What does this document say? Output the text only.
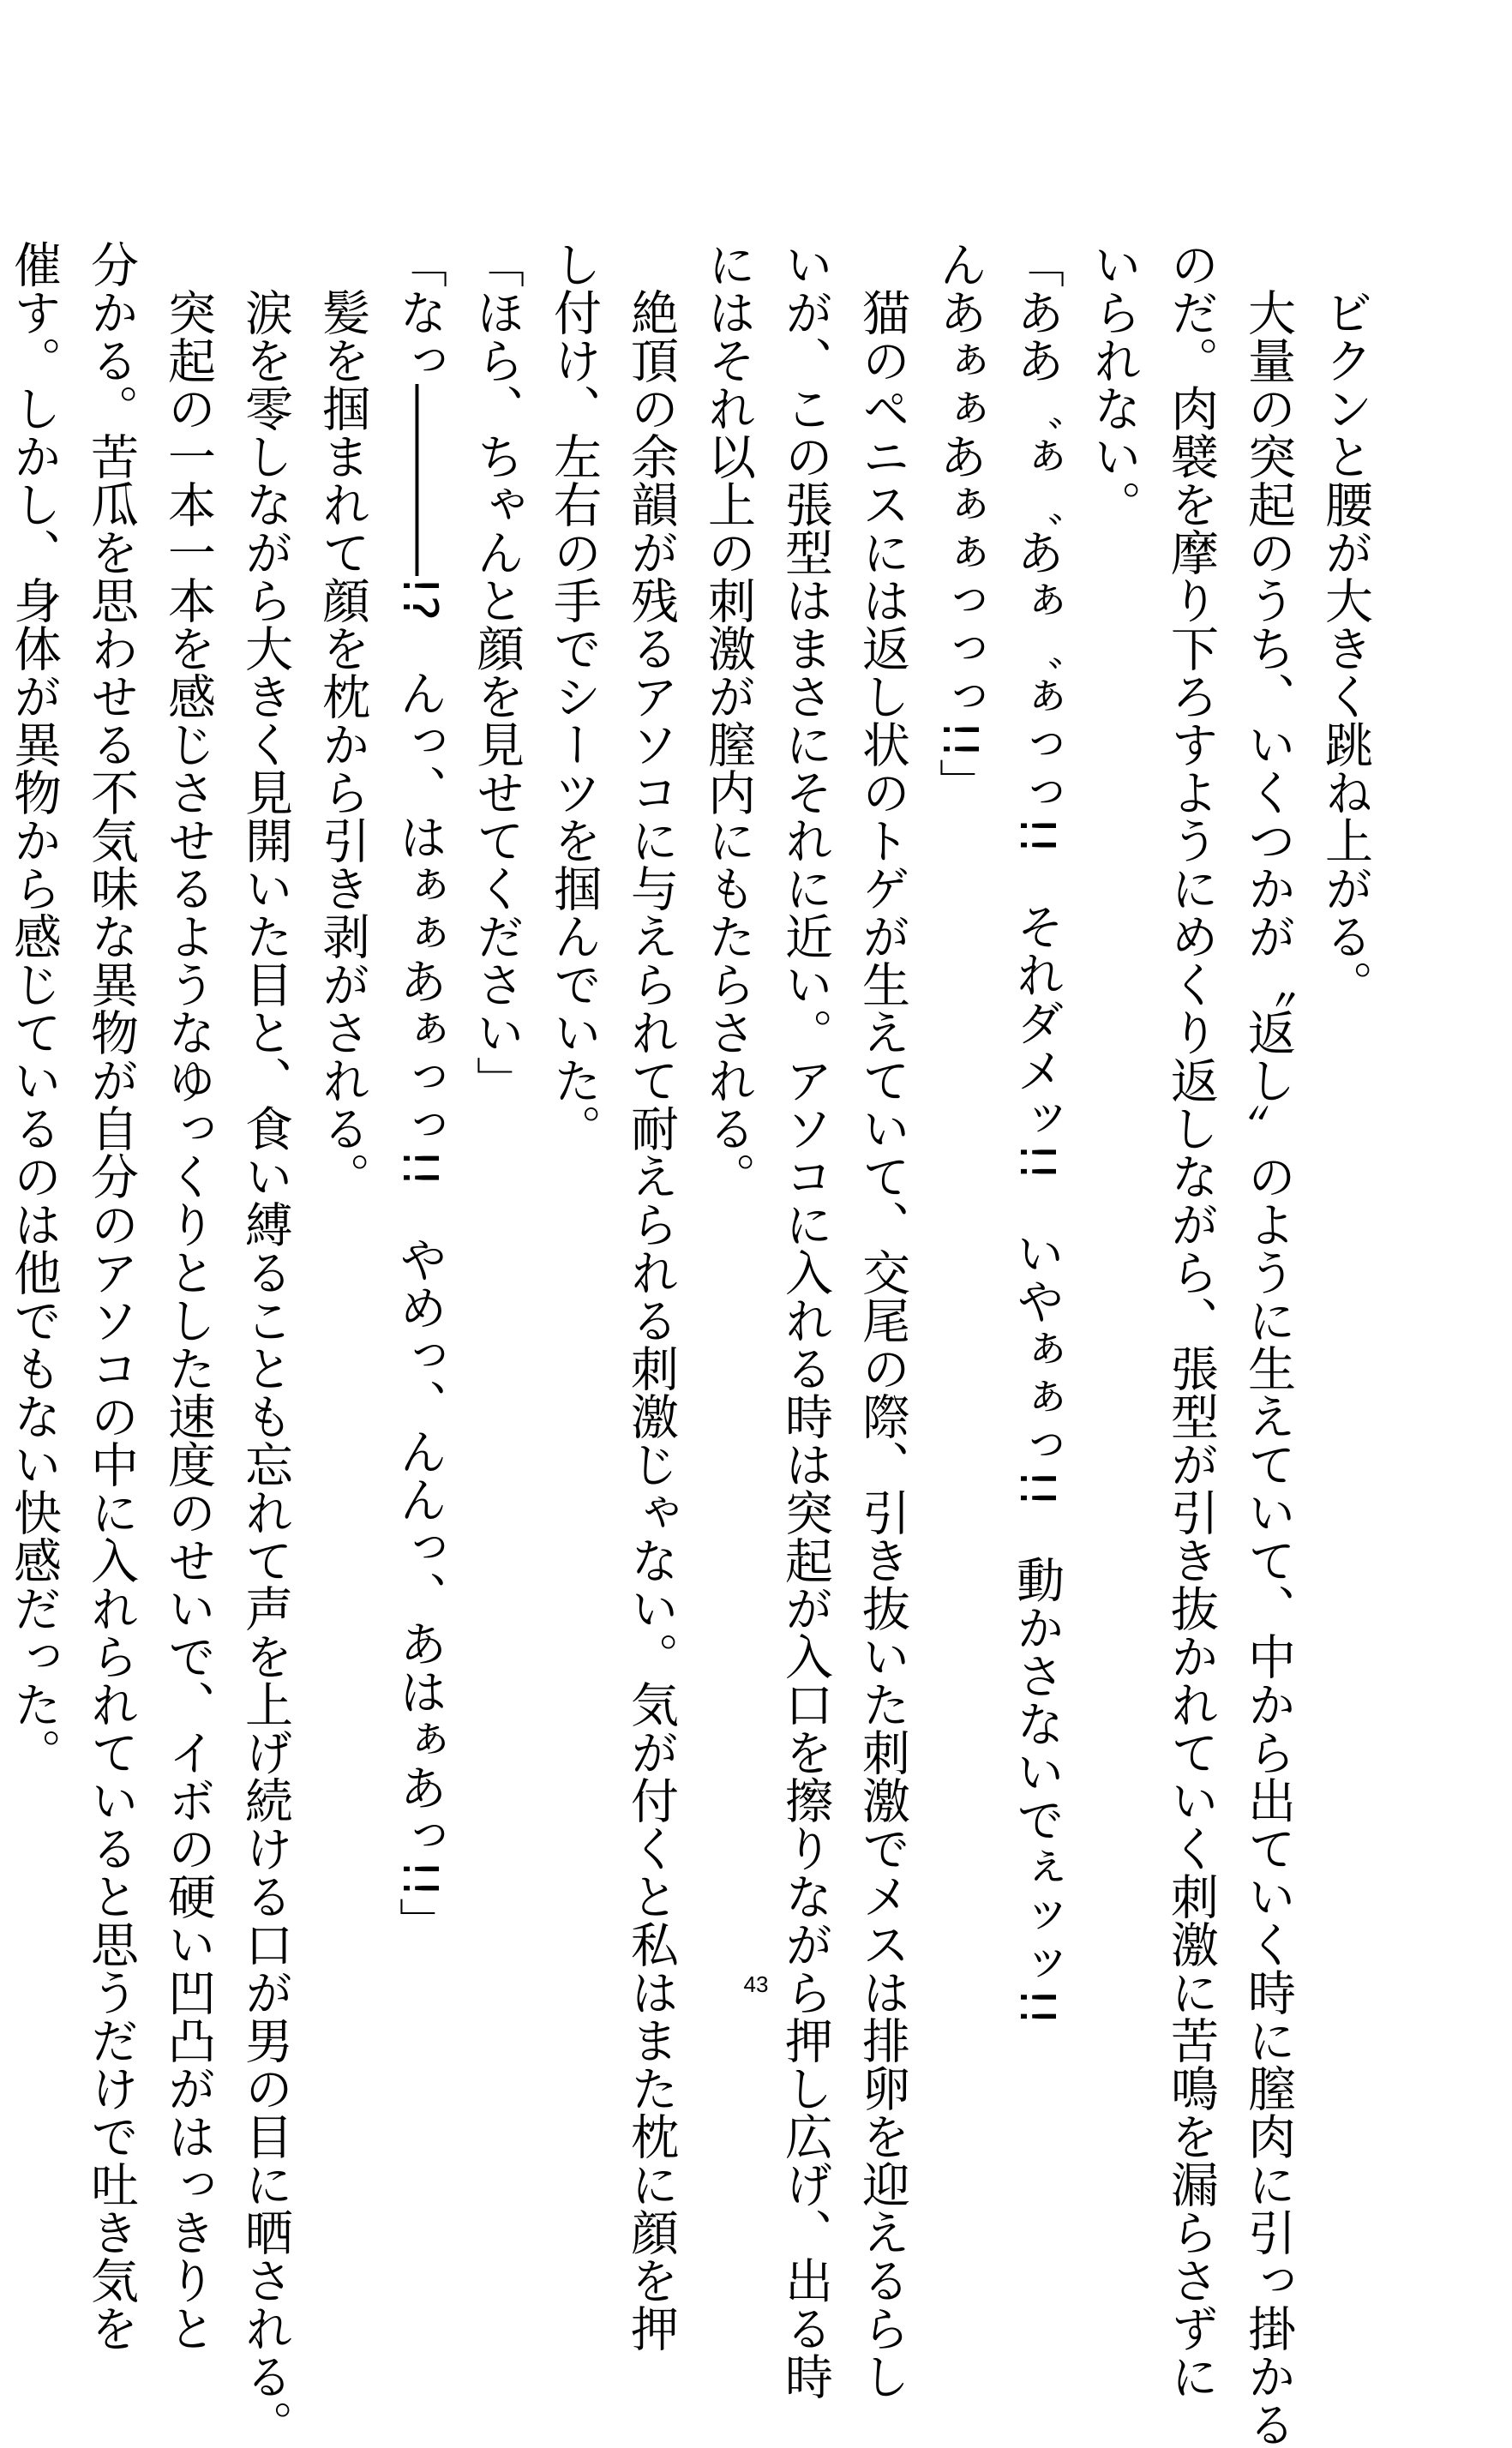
ビクンと腰が大きく跳ね上がる。

大量の突起のうち、いくつかが〝返し〟のように生えていて、中から出ていく時に膣肉に引っ掛かる

のだ。肉襞を摩り下ろすようにめくり返しながら、張型が引き抜かれていく刺激に苦鳴を漏らさずに

いられない。

「ああ゛ぁ゛あぁ゛ぁっっ!!　それダメッ!!　いやぁぁっ!!　動かさないでぇッッ!!

んあぁぁあぁぁっっっ!!」

猫のペニスには返し状のトゲが生えていて、交尾の際、引き抜いた刺激でメスは排卵を迎えるらし

いが、この張型はまさにそれに近い。アソコに入れる時は突起が入口を擦りながら押し広げ、出る時

にはそれ以上の刺激が膣内にもたらされる。

絶頂の余韻が残るアソコに与えられて耐えられる刺激じゃない。気が付くと私はまた枕に顔を押

し付け、左右の手でシーツを掴んでいた。

「ほら、ちゃんと顔を見せてください」

「なっ――――!?　んっ、はぁぁあぁっっ!!　やめっ、んんっ、あはぁあっ!!」

髪を掴まれて顔を枕から引き剥がされる。

涙を零しながら大きく見開いた目と、食い縛ることも忘れて声を上げ続ける口が男の目に晒される。

突起の一本一本を感じさせるようなゆっくりとした速度のせいで、イボの硬い凹凸がはっきりと

分かる。苦瓜を思わせる不気味な異物が自分のアソコの中に入れられていると思うだけで吐き気を

催す。しかし、身体が異物から感じているのは他でもない快感だった。

43
